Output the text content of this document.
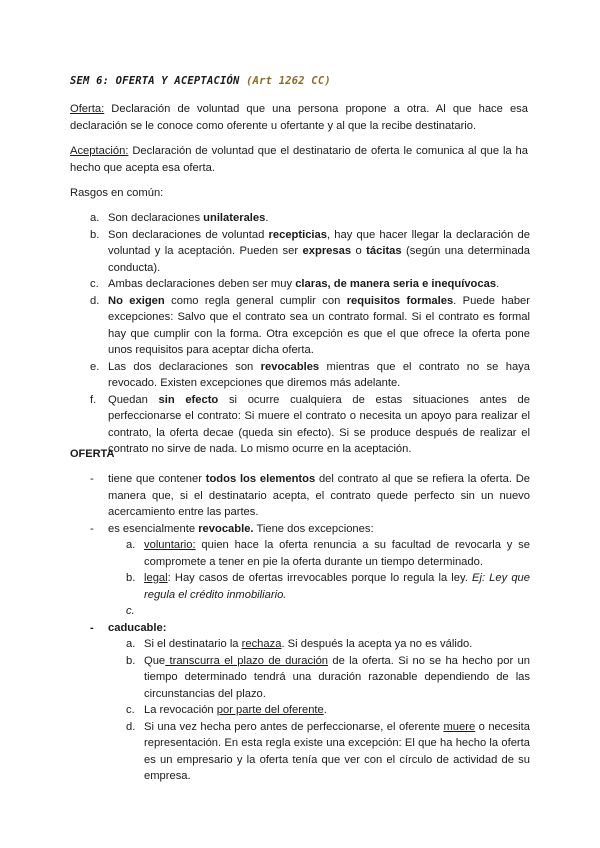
SEM 6: OFERTA Y ACEPTACIÓN (Art 1262 CC)
Oferta: Declaración de voluntad que una persona propone a otra. Al que hace esa declaración se le conoce como oferente u ofertante y al que la recibe destinatario.
Aceptación: Declaración de voluntad que el destinatario de oferta le comunica al que la ha hecho que acepta esa oferta.
Rasgos en común:
a. Son declaraciones unilaterales.
b. Son declaraciones de voluntad recepticias, hay que hacer llegar la declaración de voluntad y la aceptación. Pueden ser expresas o tácitas (según una determinada conducta).
c. Ambas declaraciones deben ser muy claras, de manera seria e inequívocas.
d. No exigen como regla general cumplir con requisitos formales. Puede haber excepciones: Salvo que el contrato sea un contrato formal. Si el contrato es formal hay que cumplir con la forma. Otra excepción es que el que ofrece la oferta pone unos requisitos para aceptar dicha oferta.
e. Las dos declaraciones son revocables mientras que el contrato no se haya revocado. Existen excepciones que diremos más adelante.
f. Quedan sin efecto si ocurre cualquiera de estas situaciones antes de perfeccionarse el contrato: Si muere el contrato o necesita un apoyo para realizar el contrato, la oferta decae (queda sin efecto). Si se produce después de realizar el contrato no sirve de nada. Lo mismo ocurre en la aceptación.
OFERTA
- tiene que contener todos los elementos del contrato al que se refiera la oferta. De manera que, si el destinatario acepta, el contrato quede perfecto sin un nuevo acercamiento entre las partes.
- es esencialmente revocable. Tiene dos excepciones:
a. voluntario: quien hace la oferta renuncia a su facultad de revocarla y se compromete a tener en pie la oferta durante un tiempo determinado.
b. legal: Hay casos de ofertas irrevocables porque lo regula la ley. Ej: Ley que regula el crédito inmobiliario.
c.

- caducable:
a. Si el destinatario la rechaza. Si después la acepta ya no es válido.
b. Que transcurra el plazo de duración de la oferta. Si no se ha hecho por un tiempo determinado tendrá una duración razonable dependiendo de las circunstancias del plazo.
c. La revocación por parte del oferente.
d. Si una vez hecha pero antes de perfeccionarse, el oferente muere o necesita representación. En esta regla existe una excepción: El que ha hecho la oferta es un empresario y la oferta tenía que ver con el círculo de actividad de su empresa.
